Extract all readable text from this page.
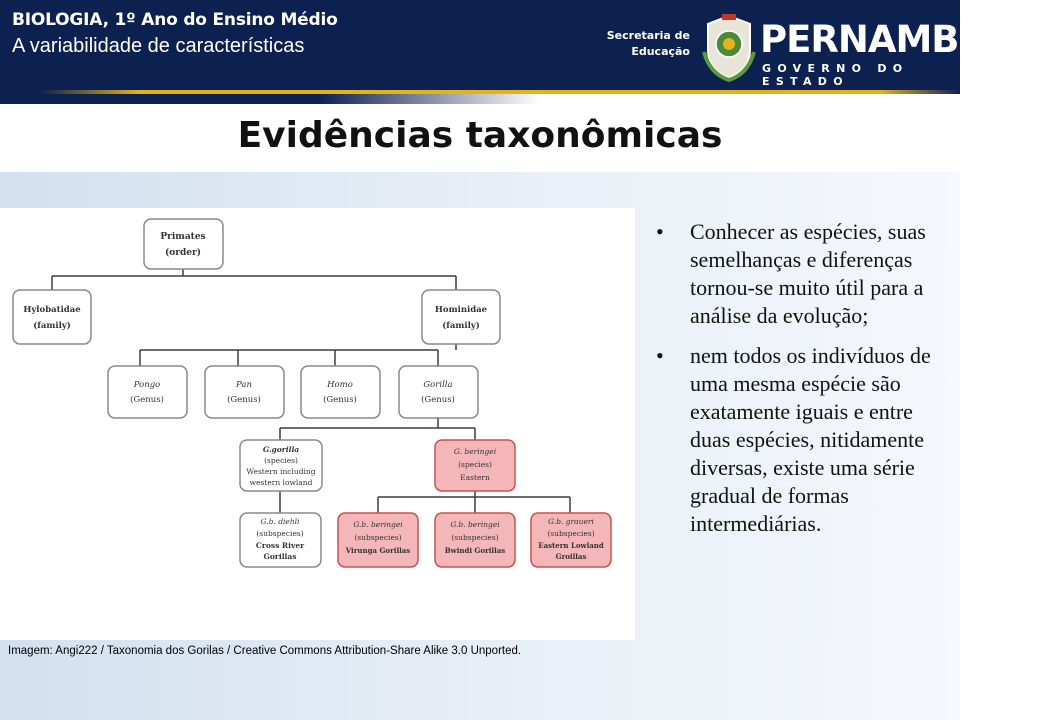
BIOLOGIA, 1º Ano do Ensino Médio
A variabilidade de características	Secretaria de
Educação PERNAMBUCO
GOVERNO DO ESTADO
Evidências taxonômicas
Primates
(order)
Hylobatidae
(family)
Hominidae
(family)
Pongo
(Genus)
Pan
(Genus)
Homo
(Genus)
Gorilla
(Genus)
G.gorilla
(species)
Western including
western lowland
G. beringei
(species)
Eastern
G.b. diehli
(subspecies)
Cross River
Gorillas
G.b. beringei
(subspecies)
Virunga Gorillas
G.b. beringei
(subspecies)
Bwindi Gorillas
G.b. graueri
(subspecies)
Eastern Lowland
Groillas
Imagem: Angi222 / Taxonomia dos Gorilas / Creative Commons Attribution-Share Alike 3.0 Unported.
• Conhecer as espécies, suas semelhanças e diferenças tornou-se muito útil para a análise da evolução;
• nem todos os indivíduos de uma mesma espécie são exatamente iguais e entre duas espécies, nitidamente diversas, existe uma série gradual de formas intermediárias.
